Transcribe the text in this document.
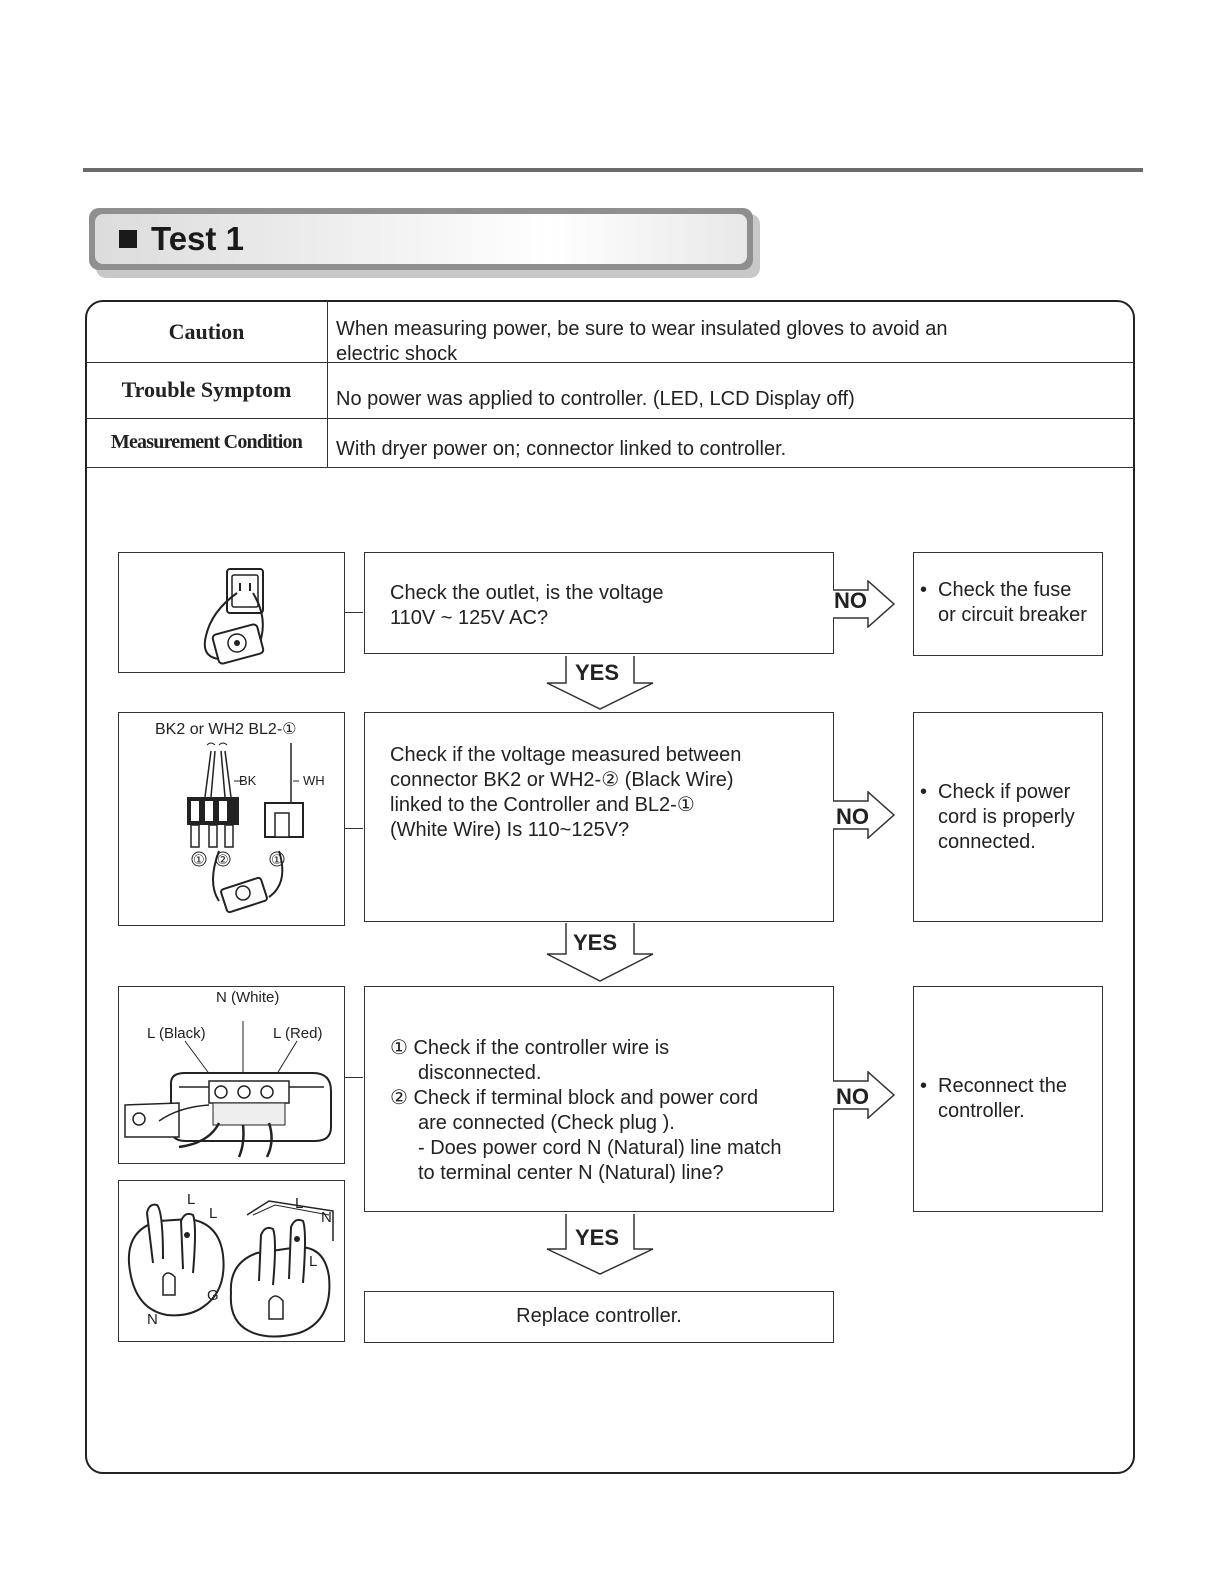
Test 1
Caution	When measuring power, be sure to wear insulated gloves to avoid an
electric shock
Trouble Symptom	No power was applied to controller. (LED, LCD Display off)
Measurement Condition	With dryer power on; connector linked to controller.
Check the outlet, is the voltage
110V ~ 125V AC?
NO	• Check the fuse
or circuit breaker
YES
BK2 or WH2 BL2-①
BK	WH
① ②	①
Check if the voltage measured between
connector BK2 or WH2-② (Black Wire)
linked to the Controller and BL2-①
(White Wire) Is 110~125V?
NO
• Check if power
cord is properly
connected.
YES
N (White)
L (Black)	L (Red)
L
L
L
N
L
G
N
① Check if the controller wire is
disconnected.
② Check if terminal block and power cord
are connected (Check plug ).
- Does power cord N (Natural) line match
to terminal center N (Natural) line?
NO	• Reconnect the
controller.
YES
Replace controller.
